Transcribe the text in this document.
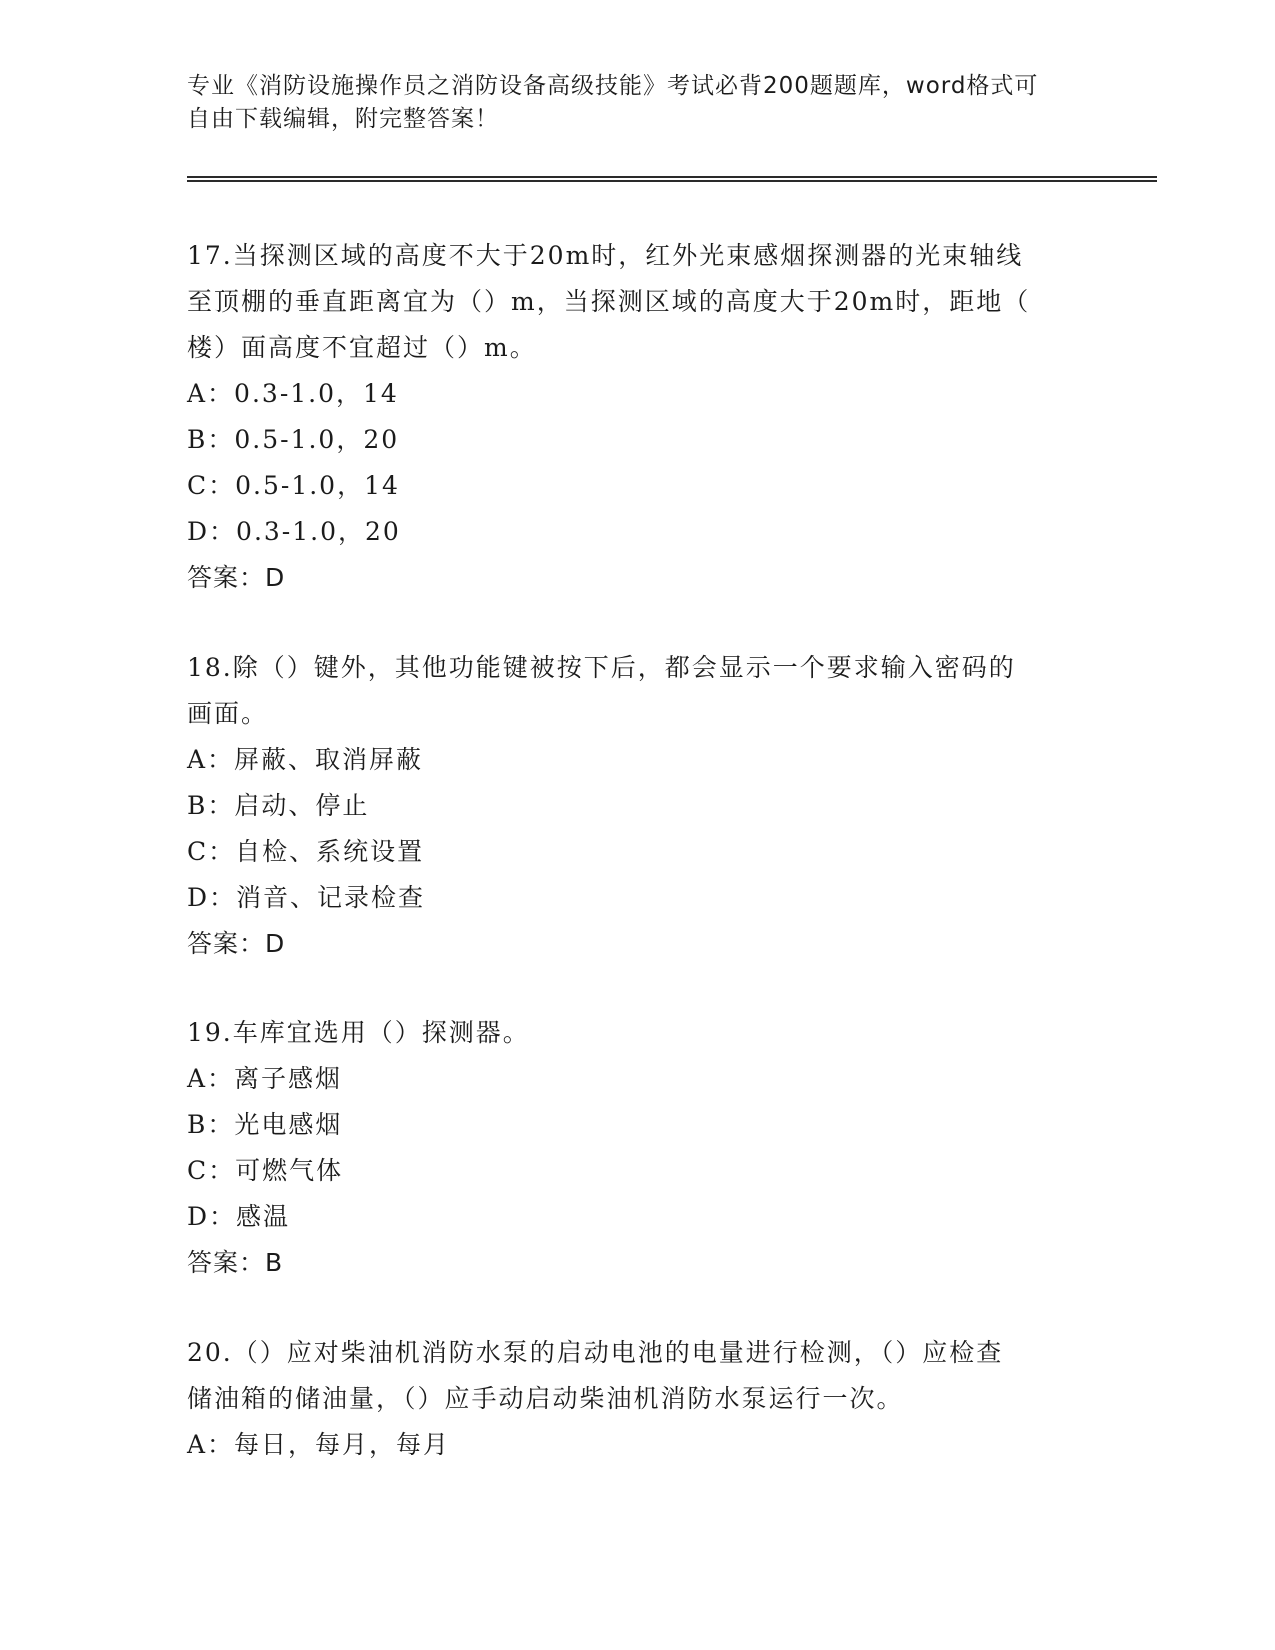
专业《消防设施操作员之消防设备高级技能》考试必背200题题库，word格式可
自由下载编辑，附完整答案！
17.当探测区域的高度不大于20m时，红外光束感烟探测器的光束轴线
至顶棚的垂直距离宜为（）m，当探测区域的高度大于20m时，距地（
楼）面高度不宜超过（）m。
A：0.3-1.0，14
B：0.5-1.0，20
C：0.5-1.0，14
D：0.3-1.0，20
答案：D
18.除（）键外，其他功能键被按下后，都会显示一个要求输入密码的
画面。
A：屏蔽、取消屏蔽
B：启动、停止
C：自检、系统设置
D：消音、记录检查
答案：D
19.车库宜选用（）探测器。
A：离子感烟
B：光电感烟
C：可燃气体
D：感温
答案：B
20.（）应对柴油机消防水泵的启动电池的电量进行检测，（）应检查
储油箱的储油量，（）应手动启动柴油机消防水泵运行一次。
A：每日，每月，每月
